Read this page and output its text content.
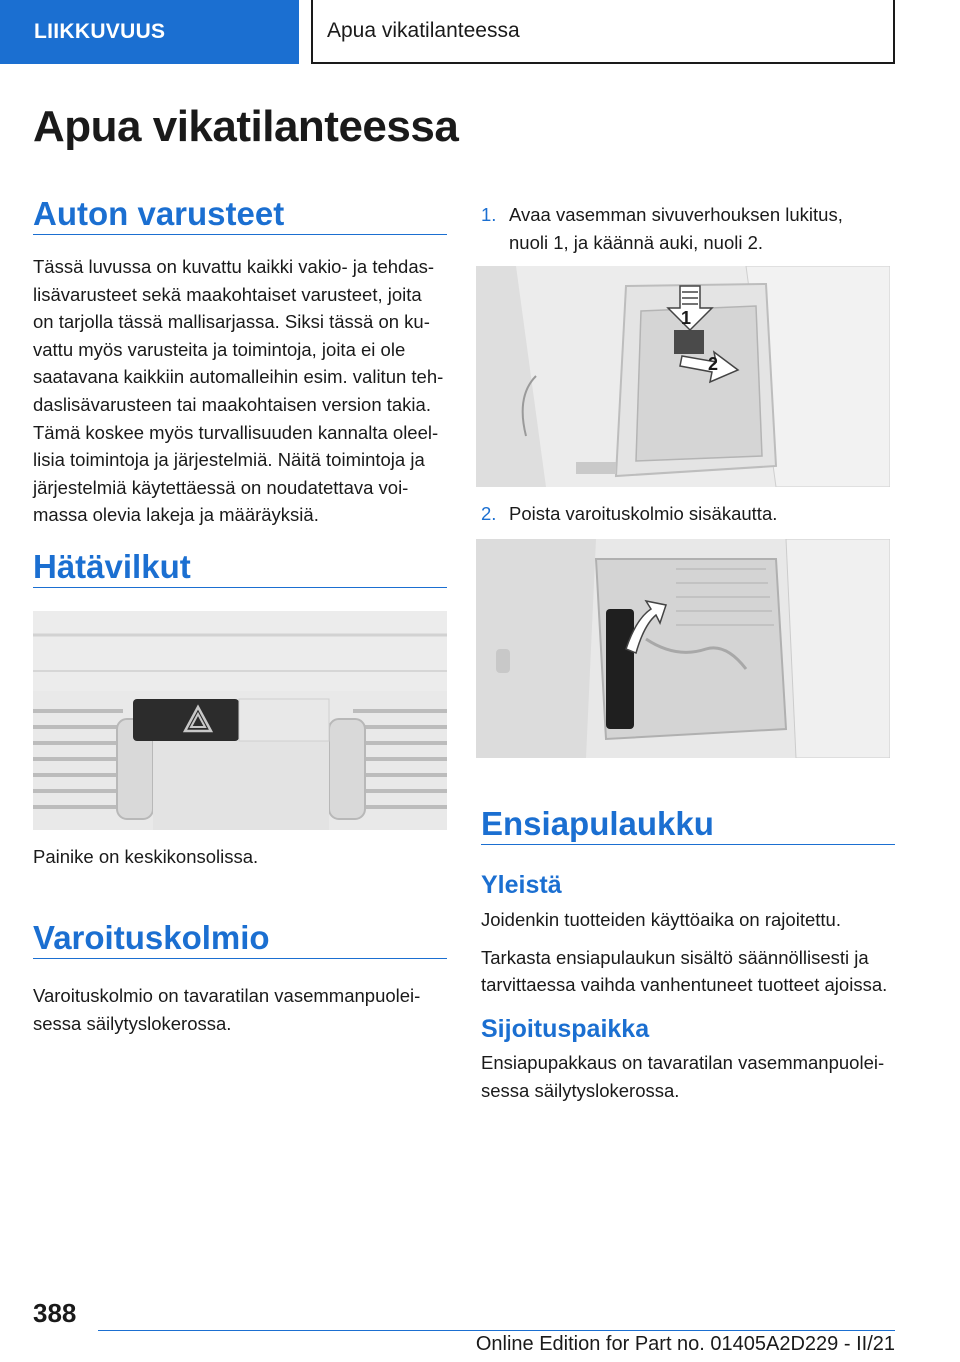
LIIKKUVUUS	Apua vikatilanteessa
Apua vikatilanteessa
Auton varusteet
Tässä luvussa on kuvattu kaikki vakio- ja tehdas‐
lisävarusteet sekä maakohtaiset varusteet, joita
on tarjolla tässä mallisarjassa. Siksi tässä on ku‐
vattu myös varusteita ja toimintoja, joita ei ole
saatavana kaikkiin automalleihin esim. valitun teh‐
daslisävarusteen tai maakohtaisen version takia.
Tämä koskee myös turvallisuuden kannalta oleel‐
lisia toimintoja ja järjestelmiä. Näitä toimintoja ja
järjestelmiä käytettäessä on noudatettava voi‐
massa olevia lakeja ja määräyksiä.
Hätävilkut
Painike on keskikonsolissa.
Varoituskolmio
Varoituskolmio on tavaratilan vasemmanpuolei‐
sessa säilytyslokerossa.
1. Avaa vasemman sivuverhouksen lukitus,
nuoli 1, ja käännä auki, nuoli 2.
1
2
2. Poista varoituskolmio sisäkautta.
Ensiapulaukku
Yleistä
Joidenkin tuotteiden käyttöaika on rajoitettu.
Tarkasta ensiapulaukun sisältö säännöllisesti ja
tarvittaessa vaihda vanhentuneet tuotteet ajoissa.
Sijoituspaikka
Ensiapupakkaus on tavaratilan vasemmanpuolei‐
sessa säilytyslokerossa.
388
Online Edition for Part no. 01405A2D229 - II/21
